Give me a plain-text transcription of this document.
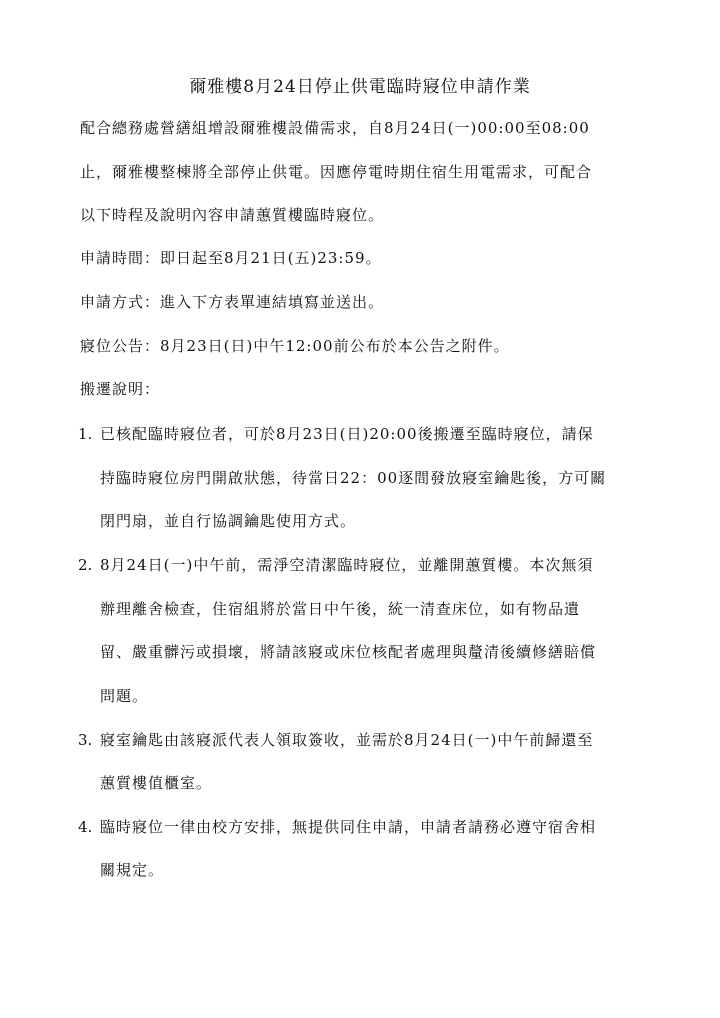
爾雅樓8月24日停止供電臨時寢位申請作業
配合總務處營繕組增設爾雅樓設備需求，自8月24日(一)00:00至08:00
止，爾雅樓整棟將全部停止供電。因應停電時期住宿生用電需求，可配合
以下時程及說明內容申請蕙質樓臨時寢位。
申請時間：即日起至8月21日(五)23:59。
申請方式：進入下方表單連結填寫並送出。
寢位公告：8月23日(日)中午12:00前公布於本公告之附件。
搬遷說明：
1. 已核配臨時寢位者，可於8月23日(日)20:00後搬遷至臨時寢位，請保
持臨時寢位房門開啟狀態，待當日22：00逐間發放寢室鑰匙後，方可關
閉門扇，並自行協調鑰匙使用方式。
2. 8月24日(一)中午前，需淨空清潔臨時寢位，並離開蕙質樓。本次無須
辦理離舍檢查，住宿組將於當日中午後，統一清查床位，如有物品遺
留、嚴重髒污或損壞，將請該寢或床位核配者處理與釐清後續修繕賠償
問題。
3. 寢室鑰匙由該寢派代表人領取簽收，並需於8月24日(一)中午前歸還至
蕙質樓值櫃室。
4. 臨時寢位一律由校方安排，無提供同住申請，申請者請務必遵守宿舍相
關規定。
